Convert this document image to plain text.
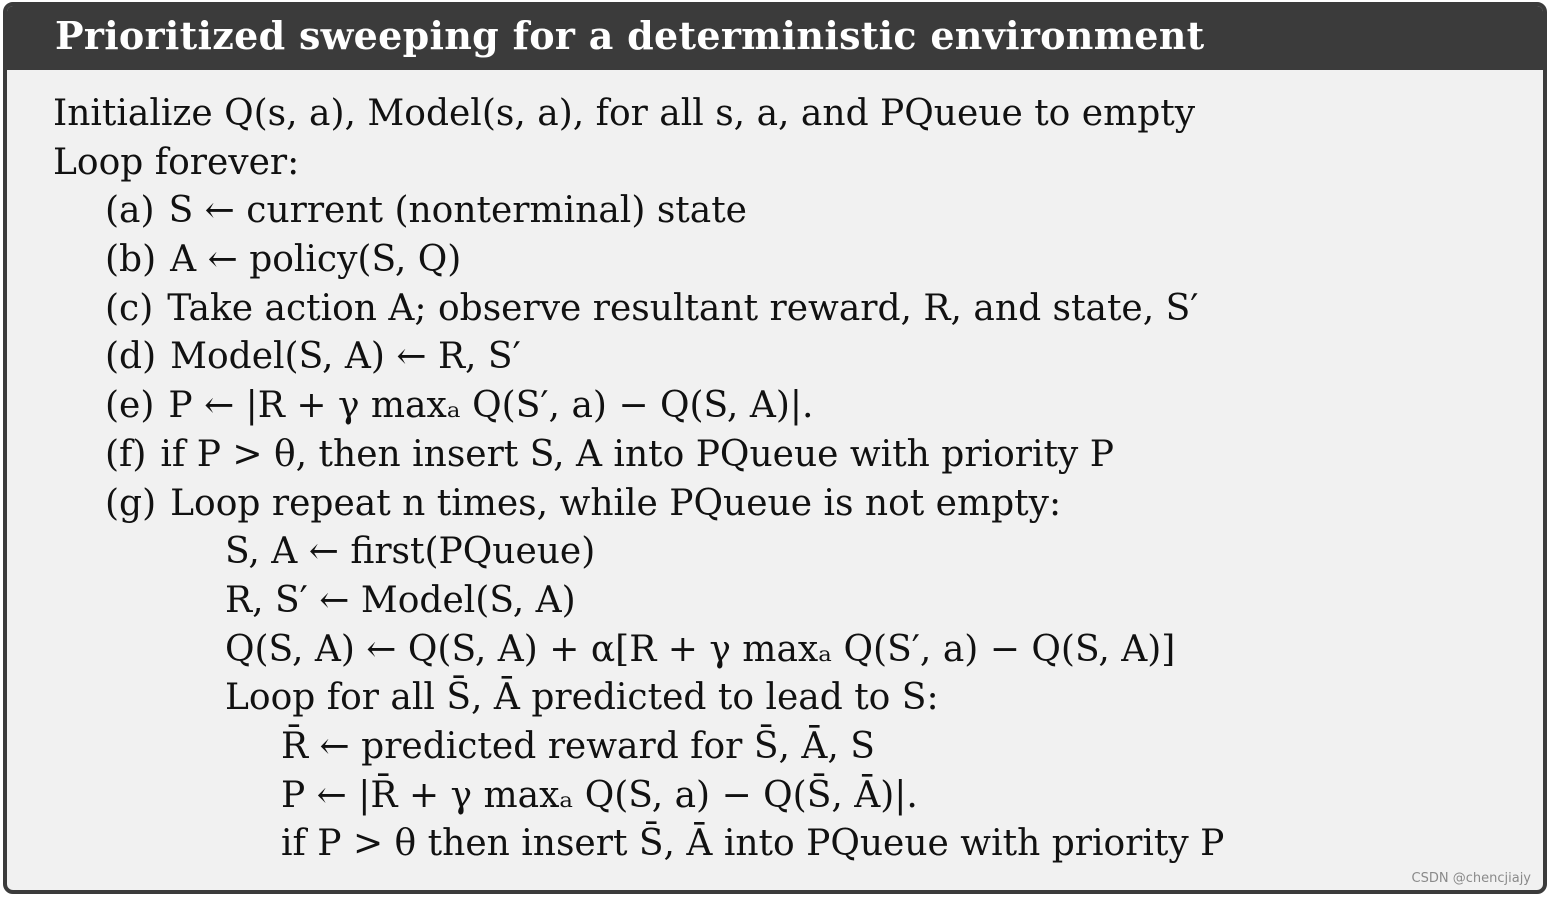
Prioritized sweeping for a deterministic environment
Initialize Q(s, a), Model(s, a), for all s, a, and PQueue to empty
Loop forever:
(a) S ← current (nonterminal) state
(b) A ← policy(S, Q)
(c) Take action A; observe resultant reward, R, and state, S′
(d) Model(S, A) ← R, S′
(e) P ← |R + γ maxₐ Q(S′, a) − Q(S, A)|.
(f) if P > θ, then insert S, A into PQueue with priority P
(g) Loop repeat n times, while PQueue is not empty:
S, A ← first(PQueue)
R, S′ ← Model(S, A)
Q(S, A) ← Q(S, A) + α[R + γ maxₐ Q(S′, a) − Q(S, A)]
Loop for all S̄, Ā predicted to lead to S:
R̄ ← predicted reward for S̄, Ā, S
P ← |R̄ + γ maxₐ Q(S, a) − Q(S̄, Ā)|.
if P > θ then insert S̄, Ā into PQueue with priority P
CSDN @chencjiajy
